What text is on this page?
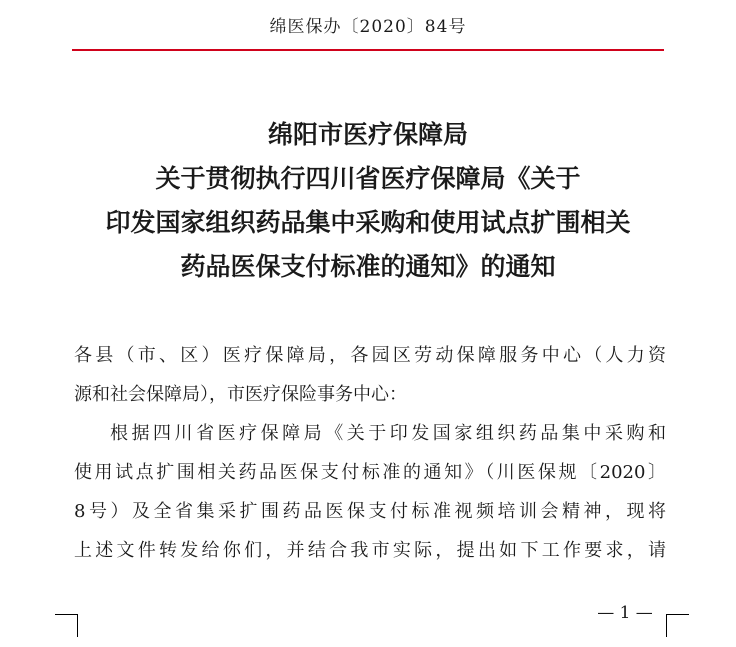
绵医保办〔2020〕84号
绵阳市医疗保障局
关于贯彻执行四川省医疗保障局《关于
印发国家组织药品集中采购和使用试点扩围相关
药品医保支付标准的通知》的通知

各县（市、区）医疗保障局，各园区劳动保障服务中心（人力资
源和社会保障局），市医疗保险事务中心：

根据四川省医疗保障局《关于印发国家组织药品集中采购和
使用试点扩围相关药品医保支付标准的通知》（川医保规〔2020〕
8号）及全省集采扩围药品医保支付标准视频培训会精神，现将
上述文件转发给你们，并结合我市实际，提出如下工作要求，请

— 1 —
